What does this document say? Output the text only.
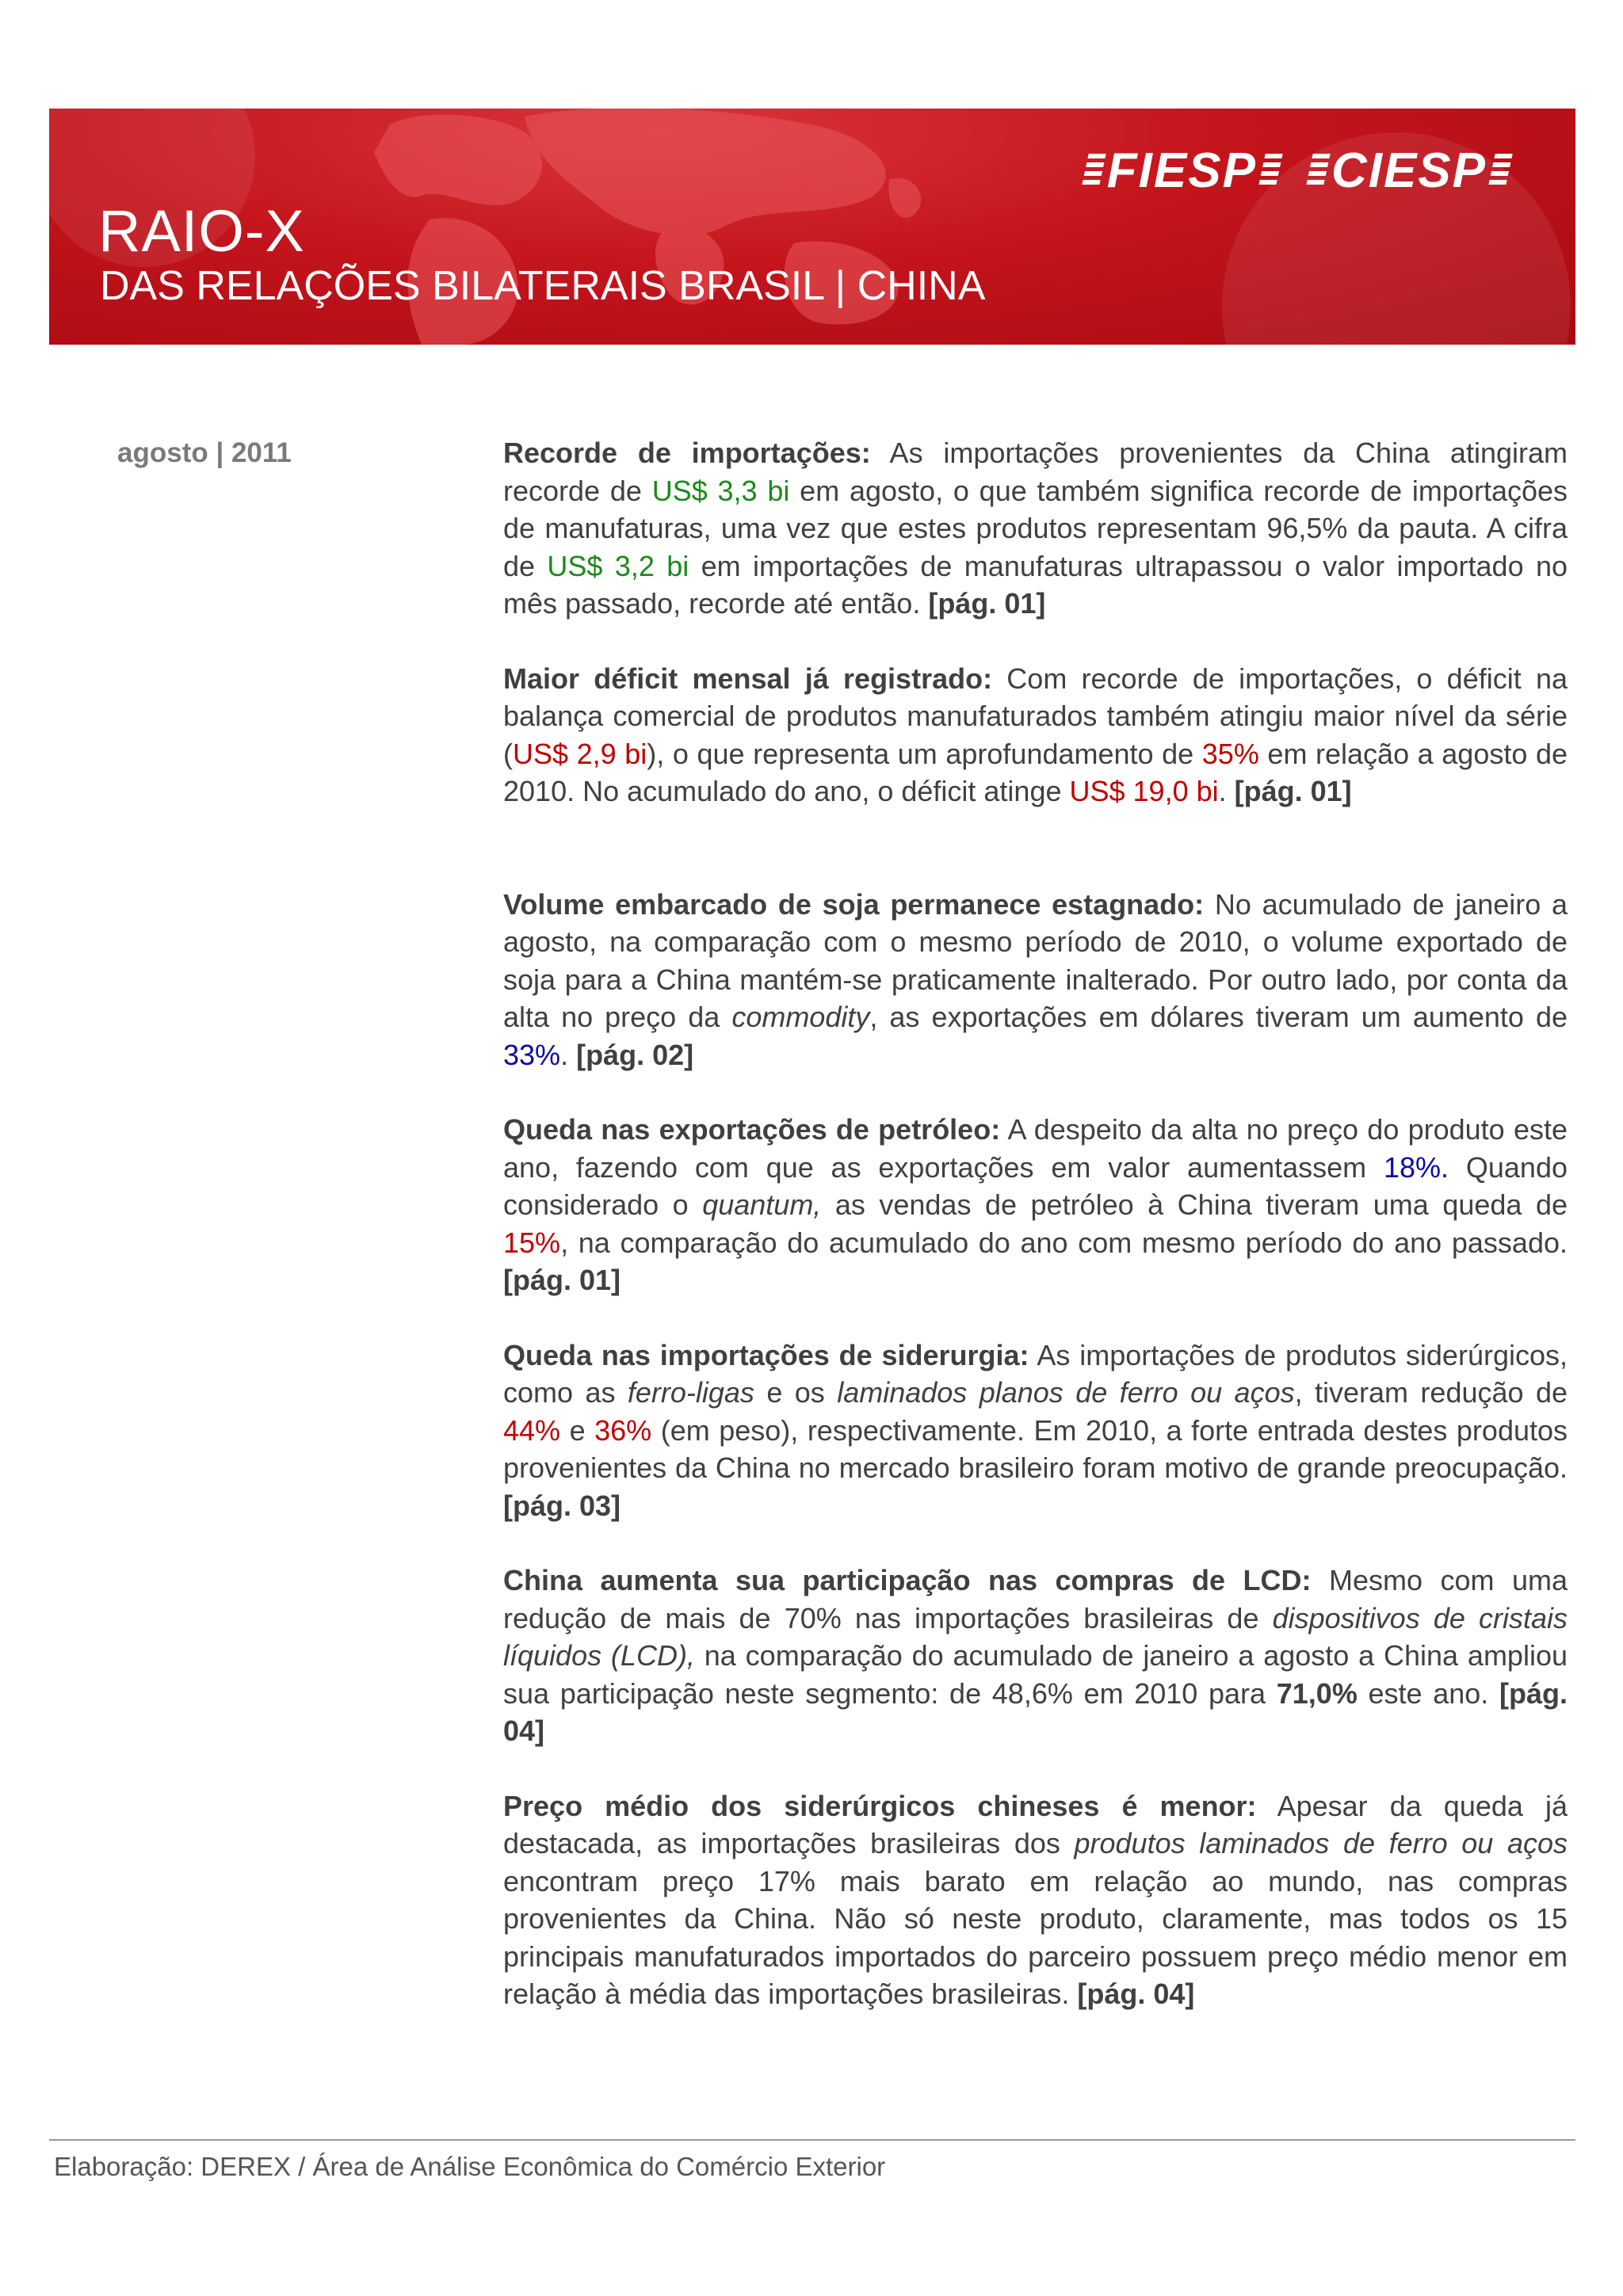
RAIO-X
DAS RELAÇÕES BILATERAIS BRASIL | CHINA
FIESP CIESP

agosto | 2011	Recorde de importações: As importações provenientes da China atingiram recorde de US$ 3,3 bi em agosto, o que também significa recorde de importações de manufaturas, uma vez que estes produtos representam 96,5% da pauta. A cifra de US$ 3,2 bi em importações de manufaturas ultrapassou o valor importado no mês passado, recorde até então. [pág. 01]

Maior déficit mensal já registrado: Com recorde de importações, o déficit na balança comercial de produtos manufaturados também atingiu maior nível da série (US$ 2,9 bi), o que representa um aprofundamento de 35% em relação a agosto de 2010. No acumulado do ano, o déficit atinge US$ 19,0 bi. [pág. 01]

Volume embarcado de soja permanece estagnado: No acumulado de janeiro a agosto, na comparação com o mesmo período de 2010, o volume exportado de soja para a China mantém-se praticamente inalterado. Por outro lado, por conta da alta no preço da commodity, as exportações em dólares tiveram um aumento de 33%. [pág. 02]

Queda nas exportações de petróleo: A despeito da alta no preço do produto este ano, fazendo com que as exportações em valor aumentassem 18%. Quando considerado o quantum, as vendas de petróleo à China tiveram uma queda de 15%, na comparação do acumulado do ano com mesmo período do ano passado. [pág. 01]

Queda nas importações de siderurgia: As importações de produtos siderúrgicos, como as ferro-ligas e os laminados planos de ferro ou aços, tiveram redução de 44% e 36% (em peso), respectivamente. Em 2010, a forte entrada destes produtos provenientes da China no mercado brasileiro foram motivo de grande preocupação. [pág. 03]

China aumenta sua participação nas compras de LCD: Mesmo com uma redução de mais de 70% nas importações brasileiras de dispositivos de cristais líquidos (LCD), na comparação do acumulado de janeiro a agosto a China ampliou sua participação neste segmento: de 48,6% em 2010 para 71,0% este ano. [pág. 04]

Preço médio dos siderúrgicos chineses é menor: Apesar da queda já destacada, as importações brasileiras dos produtos laminados de ferro ou aços encontram preço 17% mais barato em relação ao mundo, nas compras provenientes da China. Não só neste produto, claramente, mas todos os 15 principais manufaturados importados do parceiro possuem preço médio menor em relação à média das importações brasileiras. [pág. 04]

Elaboração: DEREX / Área de Análise Econômica do Comércio Exterior
